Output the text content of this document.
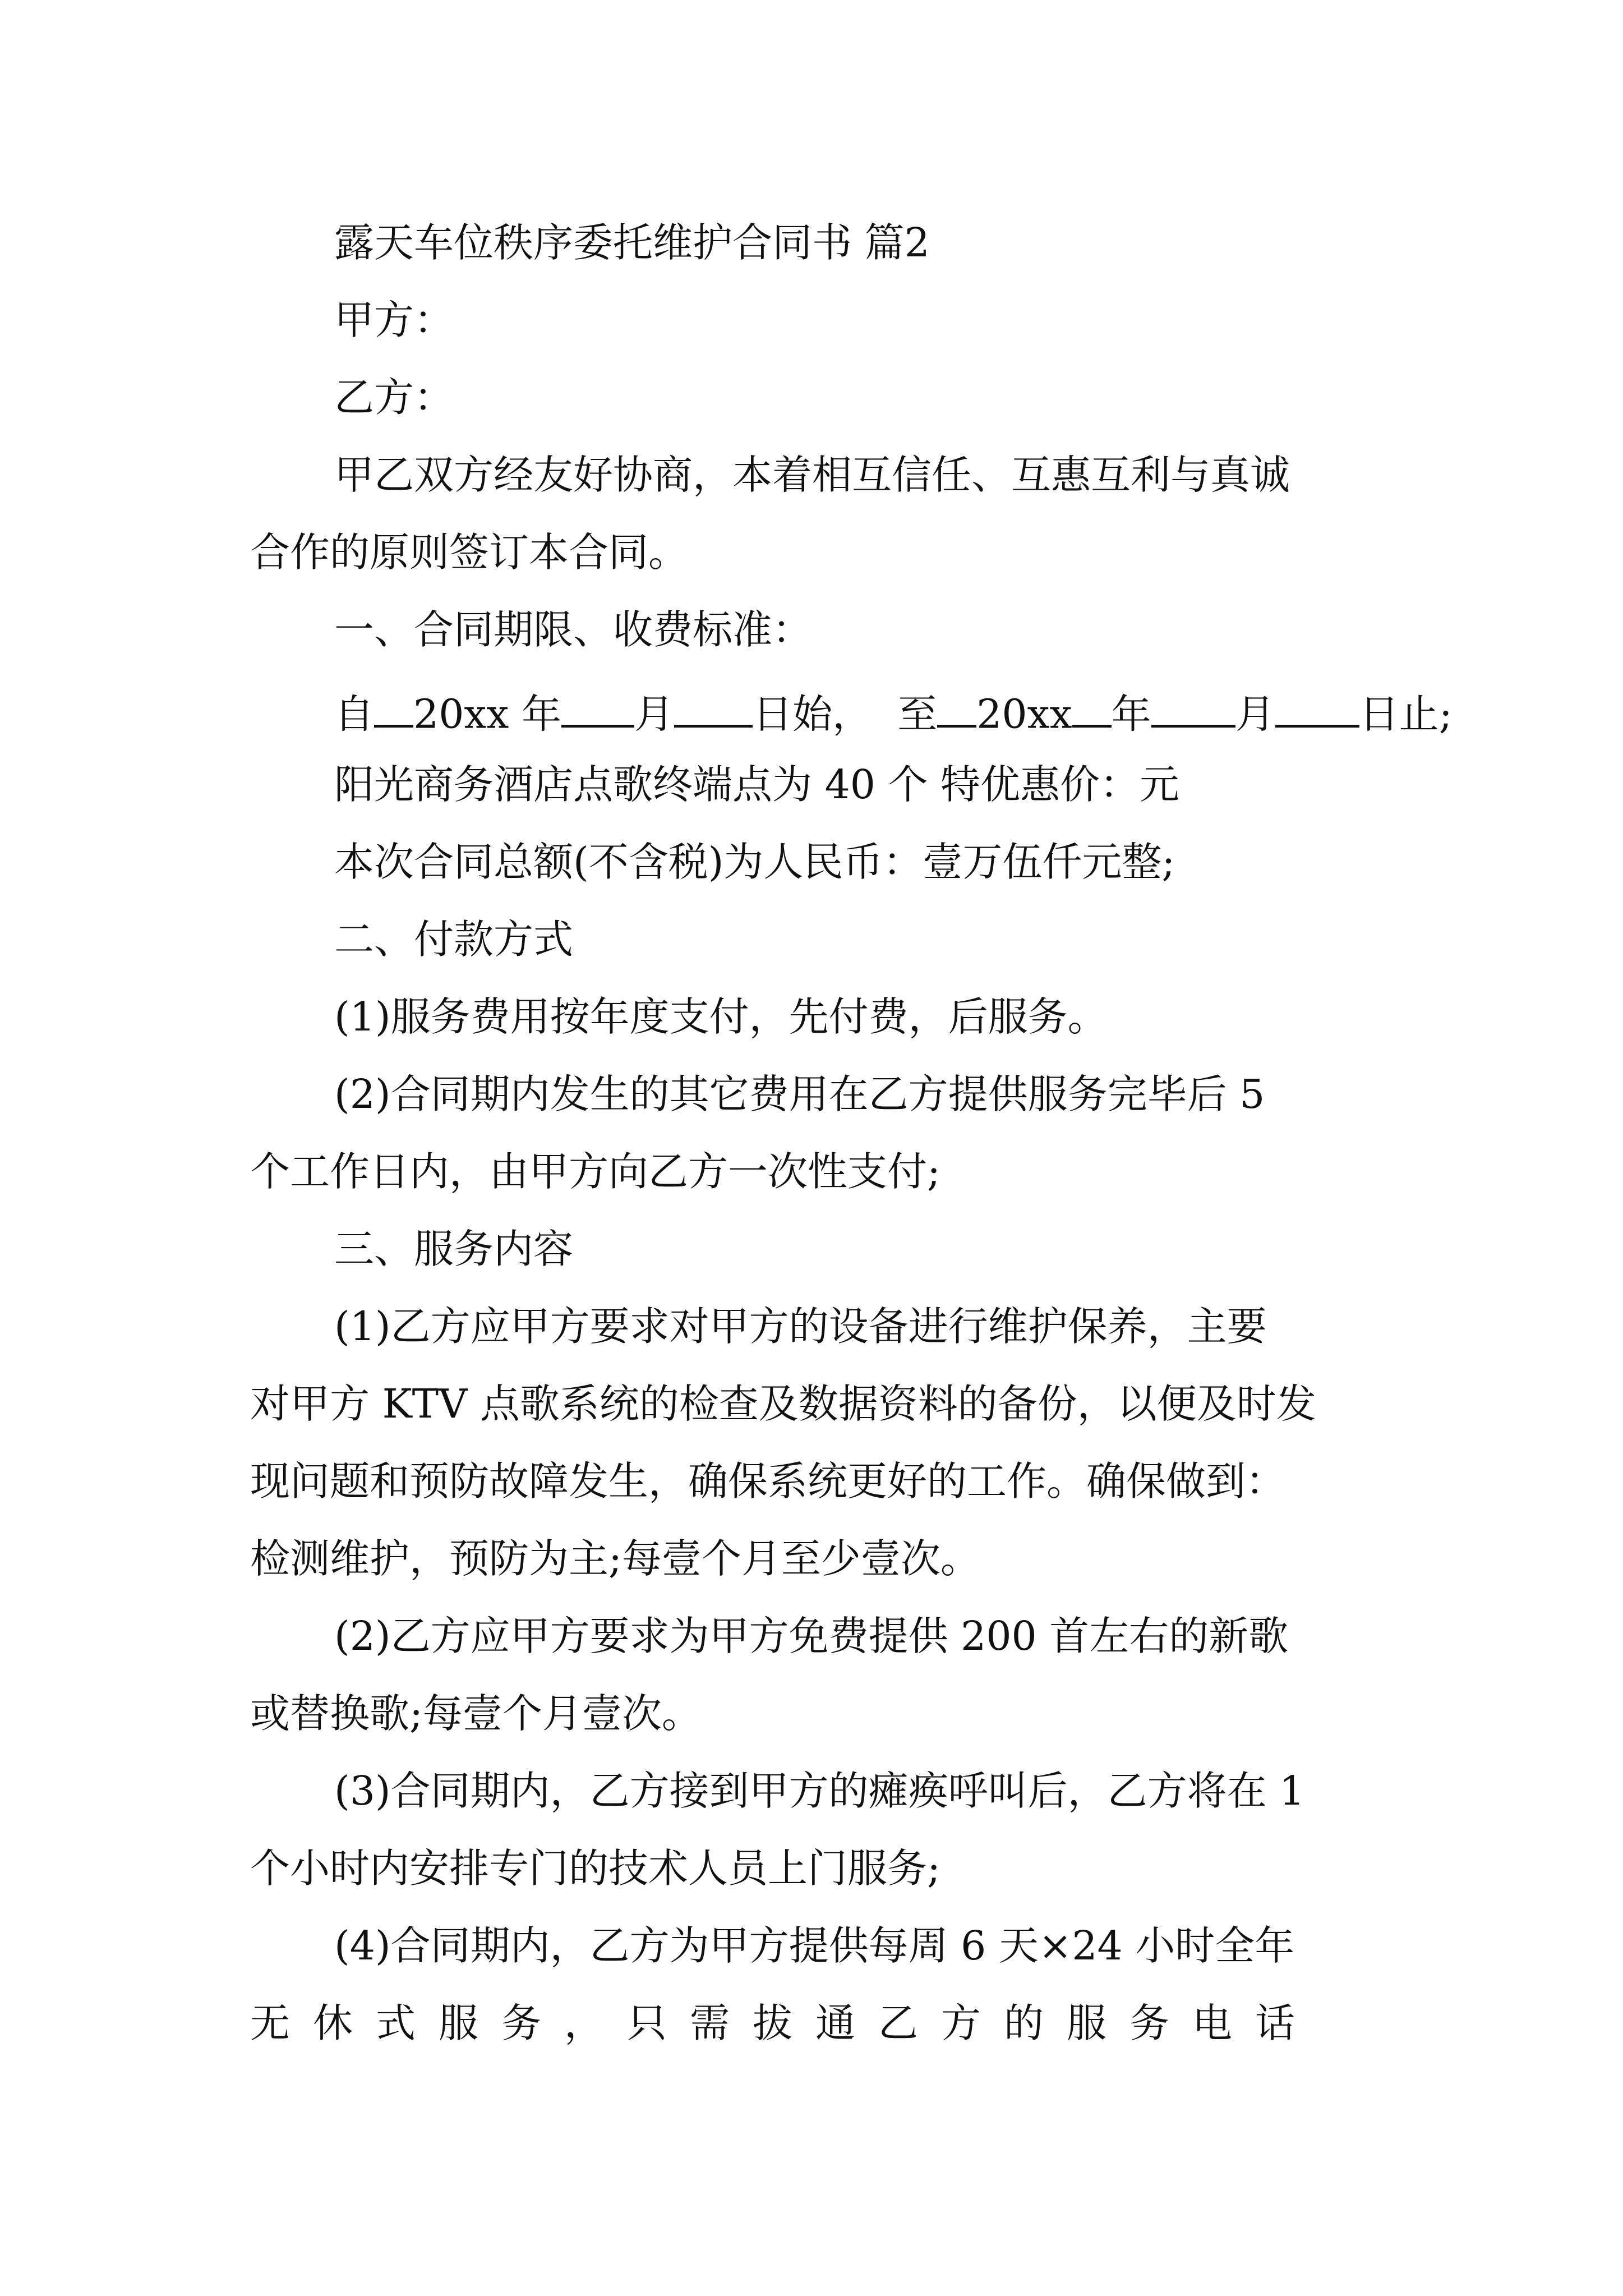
露天车位秩序委托维护合同书 篇2
甲方：
乙方：
甲乙双方经友好协商，本着相互信任、互惠互利与真诚
合作的原则签订本合同。
一、合同期限、收费标准：
自 20xx 年 月 日始， 至 20xx 年 月 日止;
阳光商务酒店点歌终端点为 40 个 特优惠价：元
本次合同总额(不含税)为人民币：壹万伍仟元整;
二、付款方式
(1)服务费用按年度支付，先付费，后服务。
(2)合同期内发生的其它费用在乙方提供服务完毕后 5
个工作日内，由甲方向乙方一次性支付;
三、服务内容
(1)乙方应甲方要求对甲方的设备进行维护保养，主要
对甲方 KTV 点歌系统的检查及数据资料的备份，以便及时发
现问题和预防故障发生，确保系统更好的工作。确保做到：
检测维护，预防为主;每壹个月至少壹次。
(2)乙方应甲方要求为甲方免费提供 200 首左右的新歌
或替换歌;每壹个月壹次。
(3)合同期内，乙方接到甲方的瘫痪呼叫后，乙方将在 1
个小时内安排专门的技术人员上门服务;
(4)合同期内，乙方为甲方提供每周 6 天×24 小时全年
无休式服务，只需拔通乙方的服务电话
